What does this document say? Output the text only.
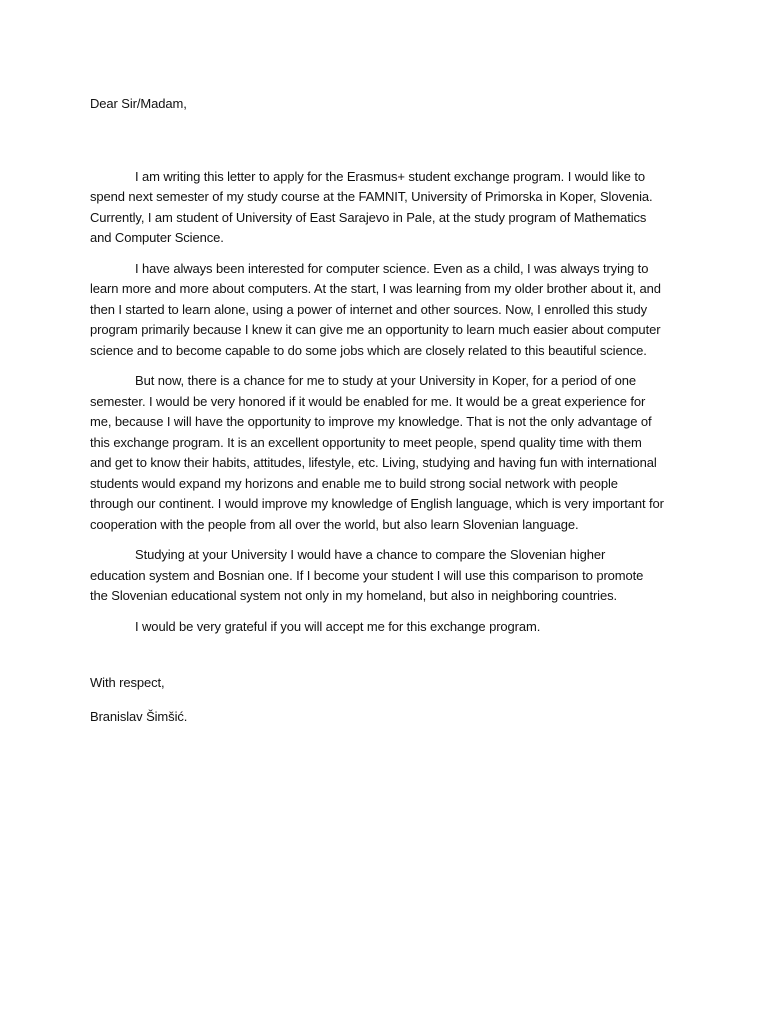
Dear Sir/Madam,

I am writing this letter to apply for the Erasmus+ student exchange program. I would like to spend next semester of my study course at the FAMNIT, University of Primorska in Koper, Slovenia. Currently, I am student of University of East Sarajevo in Pale, at the study program of Mathematics and Computer Science.

I have always been interested for computer science. Even as a child, I was always trying to learn more and more about computers. At the start, I was learning from my older brother about it, and then I started to learn alone, using a power of internet and other sources. Now, I enrolled this study program primarily because I knew it can give me an opportunity to learn much easier about computer science and to become capable to do some jobs which are closely related to this beautiful science.

But now, there is a chance for me to study at your University in Koper, for a period of one semester. I would be very honored if it would be enabled for me. It would be a great experience for me, because I will have the opportunity to improve my knowledge. That is not the only advantage of this exchange program. It is an excellent opportunity to meet people, spend quality time with them and get to know their habits, attitudes, lifestyle, etc. Living, studying and having fun with international students would expand my horizons and enable me to build strong social network with people through our continent. I would improve my knowledge of English language, which is very important for cooperation with the people from all over the world, but also learn Slovenian language.

Studying at your University I would have a chance to compare the Slovenian higher education system and Bosnian one. If I become your student I will use this comparison to promote the Slovenian educational system not only in my homeland, but also in neighboring countries.

I would be very grateful if you will accept me for this exchange program.

With respect,

Branislav Šimšić.
